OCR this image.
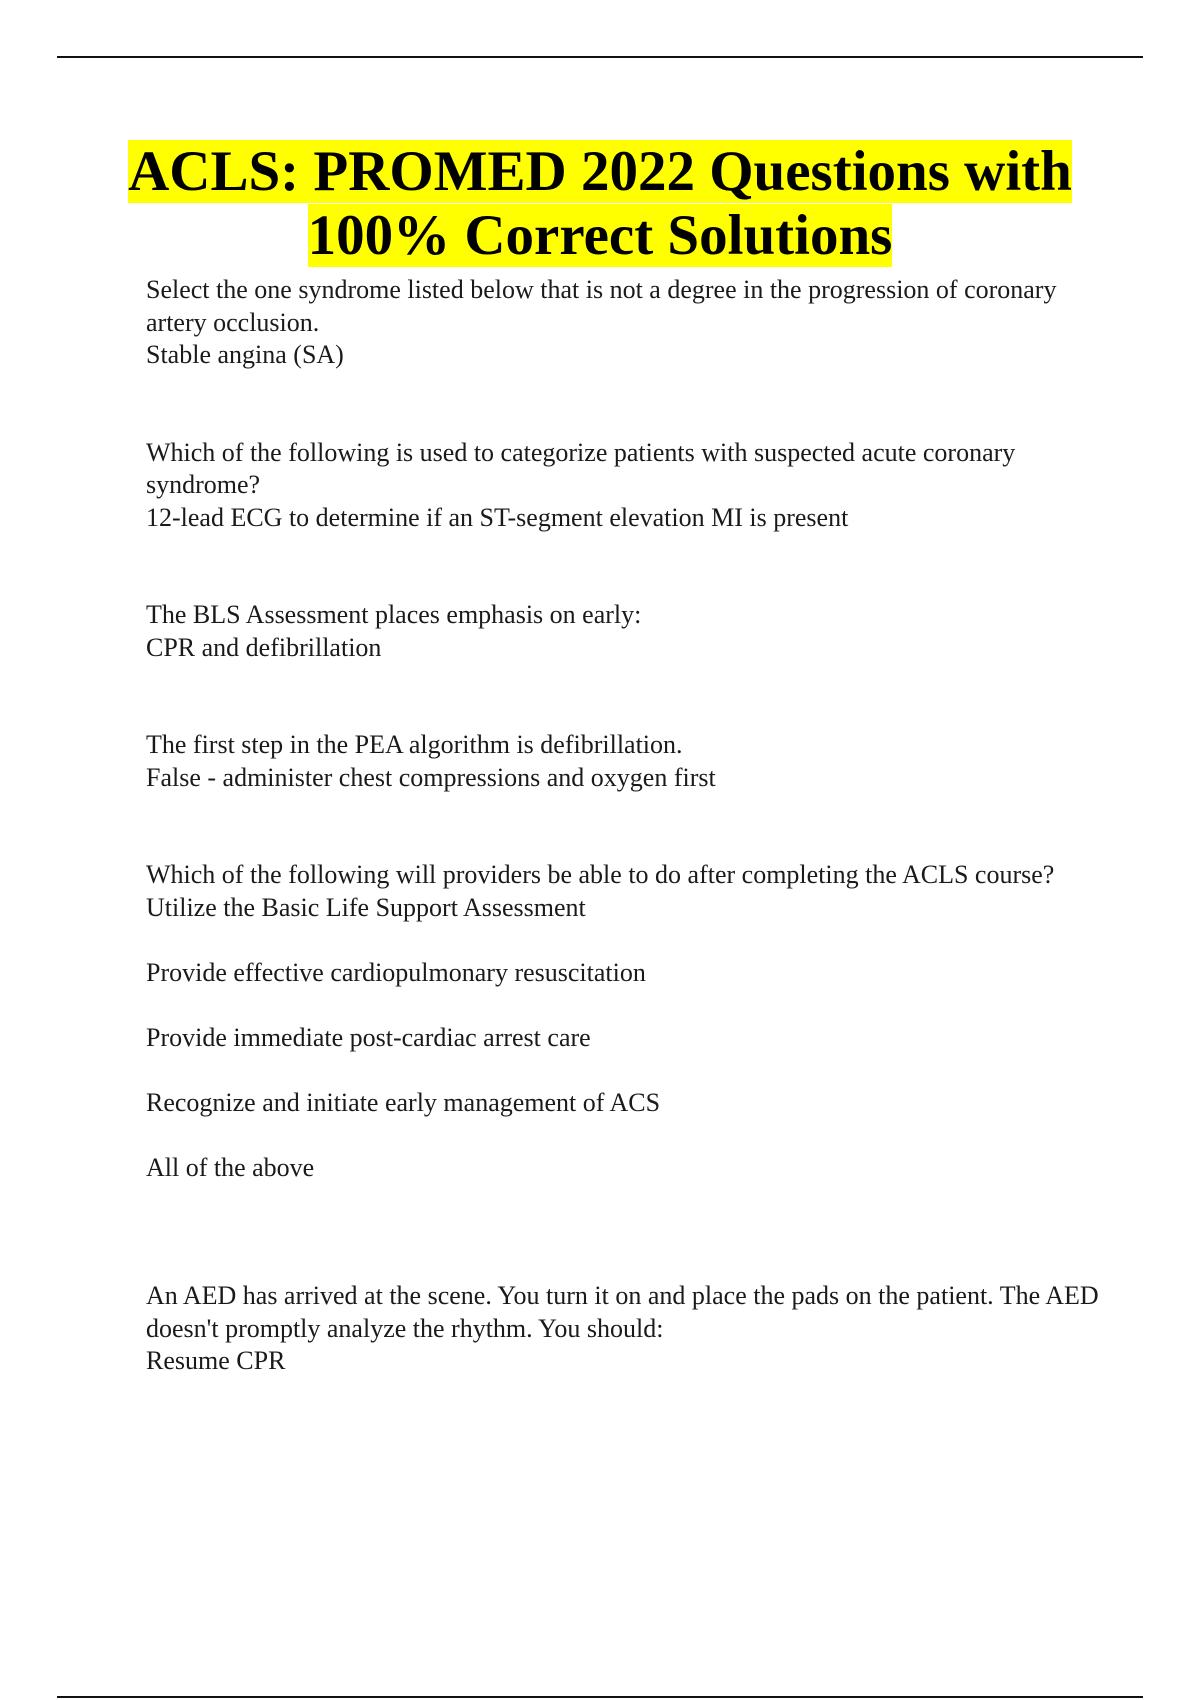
ACLS: PROMED 2022 Questions with
100% Correct Solutions

Select the one syndrome listed below that is not a degree in the progression of coronary artery occlusion.

Stable angina (SA)

Which of the following is used to categorize patients with suspected acute coronary syndrome?

12-lead ECG to determine if an ST-segment elevation MI is present

The BLS Assessment places emphasis on early:

CPR and defibrillation

The first step in the PEA algorithm is defibrillation.

False - administer chest compressions and oxygen first

Which of the following will providers be able to do after completing the ACLS course?

Utilize the Basic Life Support Assessment

Provide effective cardiopulmonary resuscitation

Provide immediate post-cardiac arrest care

Recognize and initiate early management of ACS

All of the above

An AED has arrived at the scene. You turn it on and place the pads on the patient. The AED doesn't promptly analyze the rhythm. You should:

Resume CPR
